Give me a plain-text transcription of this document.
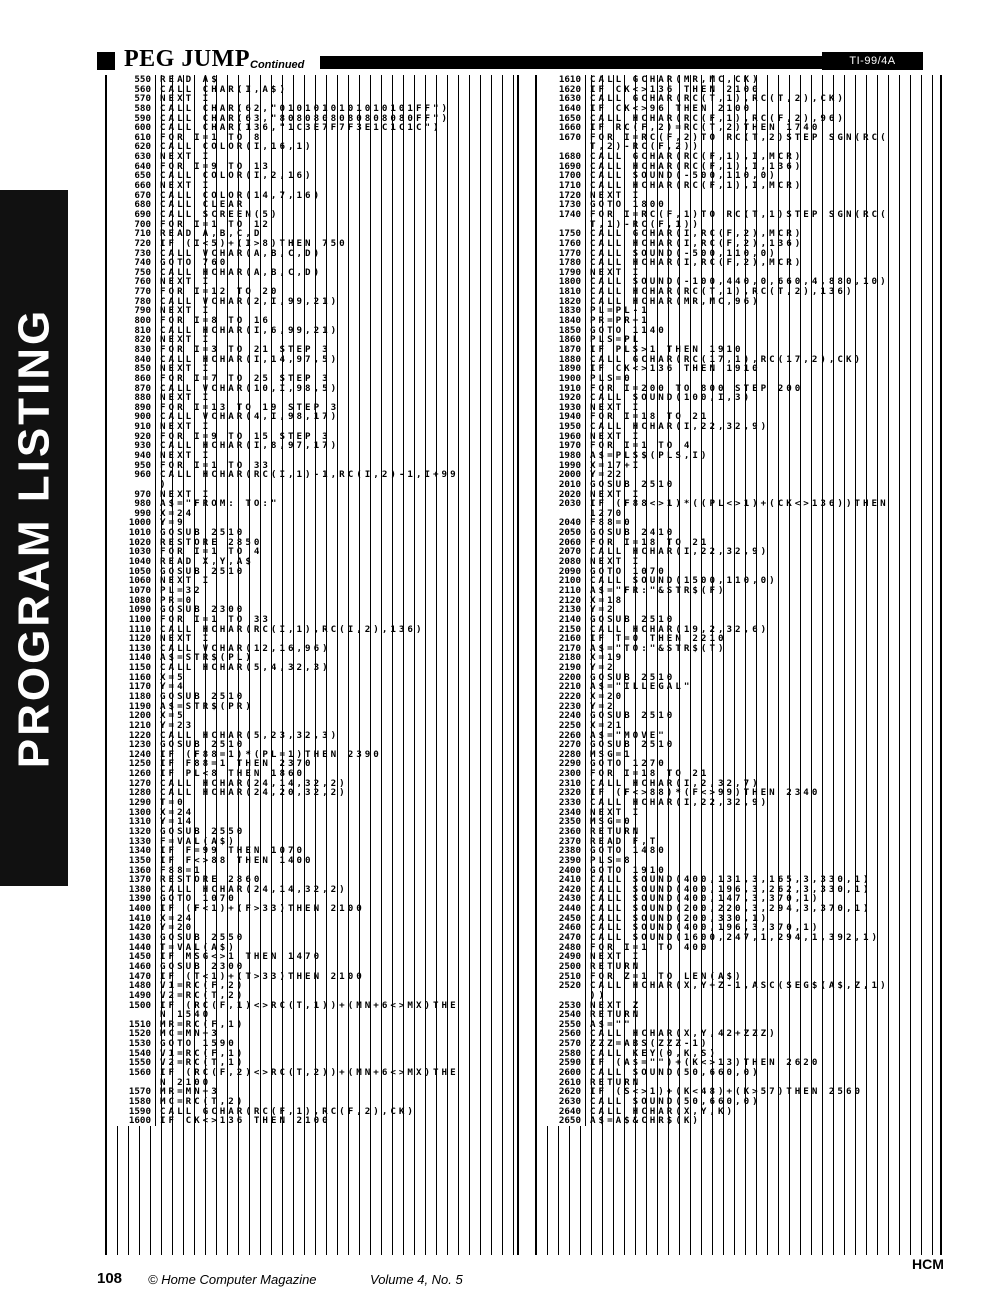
PEG JUMP Continued	TI-99/4A
PROGRAM LISTING
550 READ A$
560 CALL CHAR(I,A$)
570 NEXT I
580 CALL CHAR(62,"0101010101010101FF")
590 CALL CHAR(63,"8080808080808080FF")
600 CALL CHAR(136,"1C3E7F7F3E1C1C1C")
610 FOR I=1 TO 8
620 CALL COLOR(I,16,1)
630 NEXT I
640 FOR I=9 TO 13
650 CALL COLOR(I,2,16)
660 NEXT I
670 CALL COLOR(14,7,16)
680 CALL CLEAR
690 CALL SCREEN(5)
700 FOR I=1 TO 12
710 READ A,B,C,D
720 IF (I<5)+(I>8)THEN 750
730 CALL VCHAR(A,B,C,D)
740 GOTO 760
750 CALL HCHAR(A,B,C,D)
760 NEXT I
770 FOR I=12 TO 20
780 CALL VCHAR(2,I,99,21)
790 NEXT I
800 FOR I=8 TO 16
810 CALL HCHAR(I,6,99,21)
820 NEXT I
830 FOR I=3 TO 21 STEP 3
840 CALL HCHAR(I,14,97,5)
850 NEXT I
860 FOR I=7 TO 25 STEP 3
870 CALL VCHAR(10,I,98,5)
880 NEXT I
890 FOR I=13 TO 19 STEP 3
900 CALL VCHAR(4,I,98,17)
910 NEXT I
920 FOR I=9 TO 15 STEP 3
930 CALL HCHAR(I,8,97,17)
940 NEXT I
950 FOR I=1 TO 33
960 CALL HCHAR(RC(I,1)-1,RC(I,2)-1,I+99
)
970 NEXT I
980 A$="FROM: TO:"
990 X=24
1000 Y=9
1010 GOSUB 2510
1020 RESTORE 2850
1030 FOR I=1 TO 4
1040 READ X,Y,A$
1050 GOSUB 2510
1060 NEXT I
1070 PL=32
1080 PR=0
1090 GOSUB 2300
1100 FOR I=1 TO 33
1110 CALL HCHAR(RC(I,1),RC(I,2),136)
1120 NEXT I
1130 CALL VCHAR(12,16,96)
1140 A$=STR$(PL)
1150 CALL HCHAR(5,4,32,3)
1160 X=5
1170 Y=4
1180 GOSUB 2510
1190 A$=STR$(PR)
1200 X=5
1210 Y=23
1220 CALL HCHAR(5,23,32,3)
1230 GOSUB 2510
1240 IF (F88=1)*(PL=1)THEN 2390
1250 IF F88=1 THEN 2370
1260 IF PL<8 THEN 1860
1270 CALL HCHAR(24,14,32,2)
1280 CALL HCHAR(24,20,32,2)
1290 T=0
1300 X=24
1310 Y=14
1320 GOSUB 2550
1330 F=VAL(A$)
1340 IF F=99 THEN 1070
1350 IF F<>88 THEN 1400
1360 F88=1
1370 RESTORE 2860
1380 CALL HCHAR(24,14,32,2)
1390 GOTO 1070
1400 IF (F<1)+(F>33)THEN 2100
1410 X=24
1420 Y=20
1430 GOSUB 2550
1440 T=VAL(A$)
1450 IF MSG<>1 THEN 1470
1460 GOSUB 2300
1470 IF (T<1)+(T>33)THEN 2100
1480 V1=RC(F,2)
1490 V2=RC(T,2)
1500 IF (RC(F,1)<>RC(T,1))+(MN+6<>MX)THE
N 1540
1510 MR=RC(F,1)
1520 MC=MN+3
1530 GOTO 1590
1540 V1=RC(F,1)
1550 V2=RC(T,1)
1560 IF (RC(F,2)<>RC(T,2))+(MN+6<>MX)THE
N 2100
1570 MR=MN+3
1580 MC=RC(T,2)
1590 CALL GCHAR(RC(F,1),RC(F,2),CK)
1600 IF CK<>136 THEN 2100
1610 CALL GCHAR(MR,MC,CK)
1620 IF CK<>136 THEN 2100
1630 CALL GCHAR(RC(T,1),RC(T,2),CK)
1640 IF CK<>96 THEN 2100
1650 CALL HCHAR(RC(F,1),RC(F,2),96)
1660 IF RC(F,2)=RC(T,2)THEN 1740
1670 FOR I=RC(F,2)TO RC(T,2)STEP SGN(RC(
T,2)-RC(F,2))
1680 CALL GCHAR(RC(F,1),I,MCR)
1690 CALL HCHAR(RC(F,1),I,136)
1700 CALL SOUND(-500,110,0)
1710 CALL HCHAR(RC(F,1),I,MCR)
1720 NEXT I
1730 GOTO 1800
1740 FOR I=RC(F,1)TO RC(T,1)STEP SGN(RC(
T,1)-RC(F,1))
1750 CALL GCHAR(I,RC(F,2),MCR)
1760 CALL HCHAR(I,RC(F,2),136)
1770 CALL SOUND(-500,110,0)
1780 CALL HCHAR(I,RC(F,2),MCR)
1790 NEXT I
1800 CALL SOUND(-100,440,0,660,4,880,10)
1810 CALL HCHAR(RC(T,1),RC(T,2),136)
1820 CALL HCHAR(MR,MC,96)
1830 PL=PL-1
1840 PR=PR+1
1850 GOTO 1140
1860 PLS=PL
1870 IF PLS>1 THEN 1910
1880 CALL GCHAR(RC(17,1),RC(17,2),CK)
1890 IF CK<>136 THEN 1910
1900 PLS=0
1910 FOR I=200 TO 800 STEP 200
1920 CALL SOUND(100,I,3)
1930 NEXT I
1940 FOR I=18 TO 21
1950 CALL HCHAR(I,22,32,9)
1960 NEXT I
1970 FOR I=1 TO 4
1980 A$=PLS$(PLS,I)
1990 X=17+I
2000 Y=22
2010 GOSUB 2510
2020 NEXT I
2030 IF (F88<>1)*((PL<>1)+(CK<>136))THEN
1270
2040 F88=0
2050 GOSUB 2410
2060 FOR I=18 TO 21
2070 CALL HCHAR(I,22,32,9)
2080 NEXT I
2090 GOTO 1070
2100 CALL SOUND(1500,110,0)
2110 A$="FR:"&STR$(F)
2120 X=18
2130 Y=2
2140 GOSUB 2510
2150 CALL HCHAR(19,2,32,6)
2160 IF T=0 THEN 2210
2170 A$="TO:"&STR$(T)
2180 X=19
2190 Y=2
2200 GOSUB 2510
2210 A$="ILLEGAL"
2220 X=20
2230 Y=2
2240 GOSUB 2510
2250 X=21
2260 A$="MOVE"
2270 GOSUB 2510
2280 MSG=1
2290 GOTO 1270
2300 FOR I=18 TO 21
2310 CALL HCHAR(I,2,32,7)
2320 IF (F<>88)*(F<>99)THEN 2340
2330 CALL HCHAR(I,22,32,9)
2340 NEXT I
2350 MSG=0
2360 RETURN
2370 READ F,T
2380 GOTO 1480
2390 PLS=8
2400 GOTO 1910
2410 CALL SOUND(400,131,3,165,3,330,1)
2420 CALL SOUND(400,196,3,262,3,330,1)
2430 CALL SOUND(400,147,3,370,1)
2440 CALL SOUND(200,220,3,294,3,370,1)
2450 CALL SOUND(200,330,1)
2460 CALL SOUND(400,196,3,370,1)
2470 CALL SOUND(1600,247,1,294,1,392,1)
2480 FOR I=1 TO 400
2490 NEXT I
2500 RETURN
2510 FOR Z=1 TO LEN(A$)
2520 CALL HCHAR(X,Y+Z-1,ASC(SEG$(A$,Z,1)
))
2530 NEXT Z
2540 RETURN
2550 A$=""
2560 CALL HCHAR(X,Y,42+ZZZ)
2570 ZZZ=ABS(ZZZ-1)
2580 CALL KEY(0,K,S)
2590 IF (A$="")+(K<>13)THEN 2620
2600 CALL SOUND(50,660,0)
2610 RETURN
2620 IF (S<>1)+(K<48)+(K>57)THEN 2560
2630 CALL SOUND(50,660,0)
2640 CALL HCHAR(X,Y,K)
2650 A$=A$&CHR$(K)
108 © Home Computer Magazine	Volume 4, No. 5
HCM
